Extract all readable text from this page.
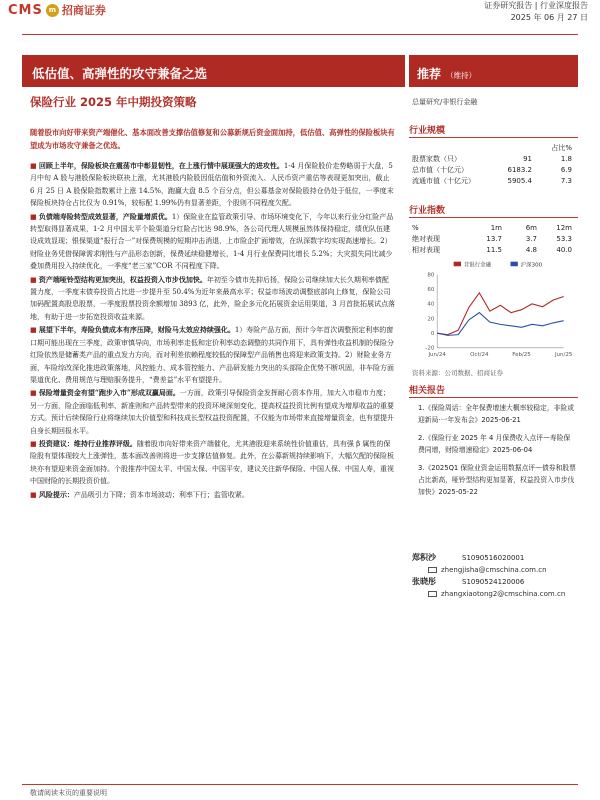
CMS m 招商证券	证券研究报告 | 行业深度报告
2025 年 06 月 27 日
低估值、高弹性的攻守兼备之选	推荐 （维持）
保险行业 2025 年中期投资策略	总量研究/非银行金融
随着股市向好带来资产端催化、基本面改善支撑估值修复和公募新规后资金面加持，低估值、高弹性的保险板块有望成为市场攻守兼备之优选。
■ 回顾上半年，保险板块在震荡市中彰显韧性，在上涨行情中展现强大的进攻性。1-4 月保险股价走势略弱于大盘，5 月中旬 A 股与港股保险板块联袂上涨，尤其港股内险股因低估值和外资流入、人民币资产重估等表现更加突出，截止 6 月 25 日 A 股保险指数累计上涨 14.5%，跑赢大盘 8.5 个百分点，但公募基金对保险股持仓仍处于低位，一季度末保险板块持仓占比仅为 0.91%，较标配 1.99%仍有显著差距，个股则不同程度欠配。
■ 负债端寿险转型成效显著，产险量增质优。1）保险业在监管政策引导、市场环境变化下，今年以来行业分红险产品转型取得显著成果，1-2 月中国太平个险渠道分红险占比达 98.9%，各公司代理人规模虽然体保持稳定，绩优队伍建设成效显现；银保渠道“报行合一”对保费规模的短期冲击消退，上市险企扩面增效，在纵深数字均实现高速增长。2）财险业务凭借保障需求刚性与产品形态创新，保费延续稳健增长，1-4 月行业保费同比增长 5.2%；大灾损失同比减少叠加费用投入持续优化，一季度“老三家”COR 不同程度下降。
■ 资产端哑铃型结构更加突出，权益投资入市步伐加快。年初至今债市先抑后扬，保险公司继续加大长久期利率债配置力度，一季度末债券投资占比进一步提升至 50.4%为近年来最高水平；权益市场波动调整底部向上修复，保险公司加码配置高股息股票，一季度股票投资余额增加 3893 亿，此外，险企多元化拓展资金运用渠道，3 月首批拓展试点落地，有助于进一步拓宽投资收益来源。
■ 展望下半年，寿险负债成本有序压降，财险马太效应持续强化。1）寿险产品方面，预计今年首次调整预定利率的窗口期可能出现在三季度，政策审慎导向，市场利率走低和定价利率动态调整的共同作用下，具有弹性收益机制的保险分红险依然是储蓄类产品的重点发力方向，而对利差依赖程度较低的保障型产品销售也将迎来政策支持。2）财险业务方面，车险综改深化推进政策落地，风控能力、成本管控能力、产品研发能力突出的头部险企优势不断巩固，非车险方面渠道优化、费用规范与理赔服务提升，“费差益”水平有望提升。
■ 保险增量资金有望“跑步入市”形成双赢局面。一方面，政策引导保险资金发挥耐心资本作用，加大入市稳市力度；另一方面，险企面临低利率、新准则和产品转型带来的投资环境深刻变化，提高权益投资比例有望成为增厚收益的重要方式。预计后续保险行业将继续加大价值型和科技成长型权益投资配置，不仅能为市场带来直接增量资金，也有望提升自身长期回报水平。
■ 投资建议：维持行业推荐评级。随着股市向好带来资产端催化，尤其港股迎来系统性价值重估，具有强 β 属性的保险股有望体现较大上涨弹性，基本面改善则将进一步支撑估值修复。此外，在公募新规持续影响下，大幅欠配的保险板块亦有望迎来资金面加持。个股推荐中国太平、中国太保、中国平安，建议关注新华保险、中国人保、中国人寿，重视中国财险的长期投资价值。
■ 风险提示：产品吸引力下降；资本市场波动；利率下行；监管收紧。
行业规模
占比%
股票家数（只）	91	1.8
总市值（十亿元）	6183.2	6.9
流通市值（十亿元）	5905.4	7.3
行业指数
%	1m	6m	12m
绝对表现	13.7	3.7	53.3
相对表现	11.5	4.8	40.0
80
60
40
20
0
-20
Jun/24	Oct/24	Feb/25	Jun/25
非银行金融	沪深300
资料来源：公司数据、招商证券
相关报告
1.《保险周话：全年保费增速大概率较稳定，非险或迎新局·一年发布会》2025-06-21
2.《保险行业 2025 年 4 月保费收入点评—寿险保费同增，财险增速稳定》2025-06-04
3.《2025Q1 保险业资金运用数据点评—债券和股票占比新高，哑铃型结构更加显著，权益投资入市步伐加快》2025-05-22
郑积沙	S1090516020001
zhengjisha@cmschina.com.cn
张晓彤	S1090524120006
zhangxiaotong2@cmschina.com.cn
敬请阅读末页的重要说明
